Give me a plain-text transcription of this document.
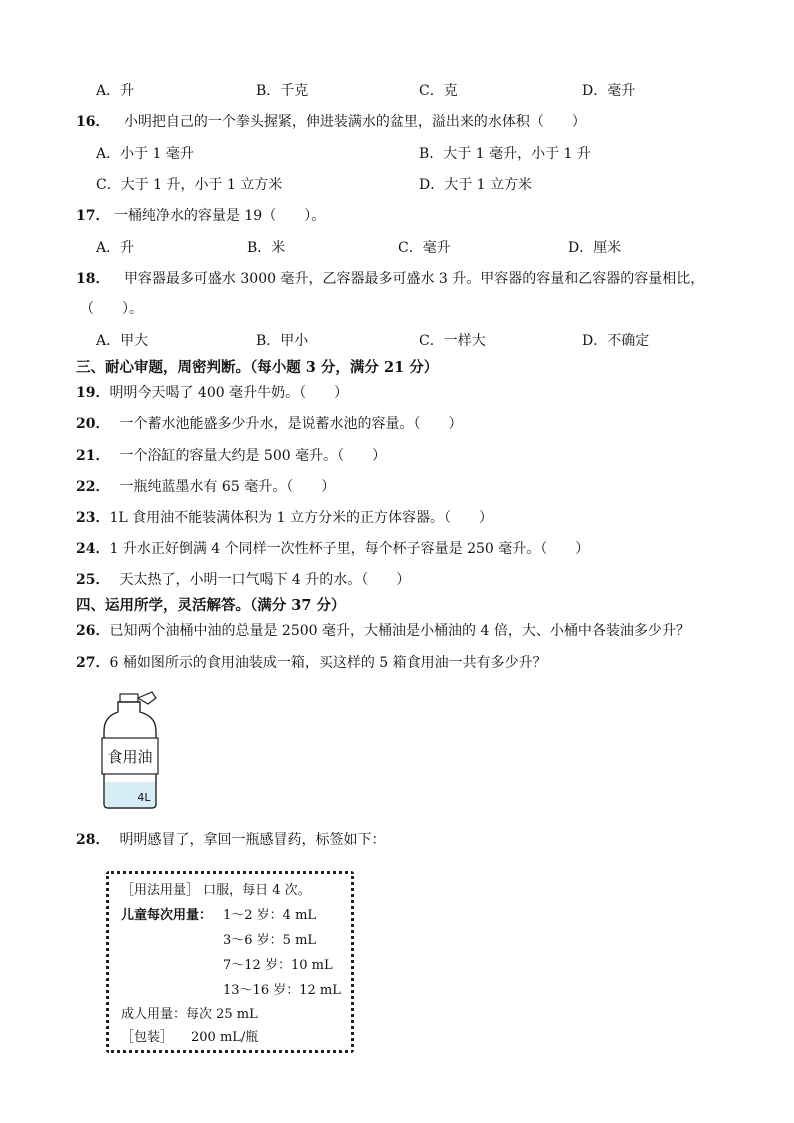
A．升	B．千克	C．克	D．毫升
16． 小明把自己的一个拳头握紧，伸进装满水的盆里，溢出来的水体积（　　）
A．小于 1 毫升	B．大于 1 毫升，小于 1 升
C．大于 1 升，小于 1 立方米	D．大于 1 立方米
17． 一桶纯净水的容量是 19（　　）。
A．升	B．米	C．毫升	D．厘米
18． 甲容器最多可盛水 3000 毫升，乙容器最多可盛水 3 升。甲容器的容量和乙容器的容量相比，
（　　）。
A．甲大	B．甲小	C．一样大	D．不确定
三、耐心审题，周密判断。（每小题 3 分，满分 21 分）
19．明明今天喝了 400 毫升牛奶。（　　）
20． 一个蓄水池能盛多少升水，是说蓄水池的容量。（　　）
21． 一个浴缸的容量大约是 500 毫升。（　　）
22． 一瓶纯蓝墨水有 65 毫升。（　　）
23．1L 食用油不能装满体积为 1 立方分米的正方体容器。（　　）
24．1 升水正好倒满 4 个同样一次性杯子里，每个杯子容量是 250 毫升。（　　）
25． 天太热了，小明一口气喝下 4 升的水。（　　）
四、运用所学，灵活解答。（满分 37 分）
26．已知两个油桶中油的总量是 2500 毫升，大桶油是小桶油的 4 倍，大、小桶中各装油多少升？
27．6 桶如图所示的食用油装成一箱，买这样的 5 箱食用油一共有多少升？
食用油
4L
28． 明明感冒了，拿回一瓶感冒药，标签如下：
［用法用量］ 口服，每日 4 次。
儿童每次用量： 1～2 岁：4 mL
3～6 岁：5 mL
7～12 岁：10 mL
13～16 岁：12 mL
成人用量：每次 25 mL
［包装］ 200 mL/瓶
